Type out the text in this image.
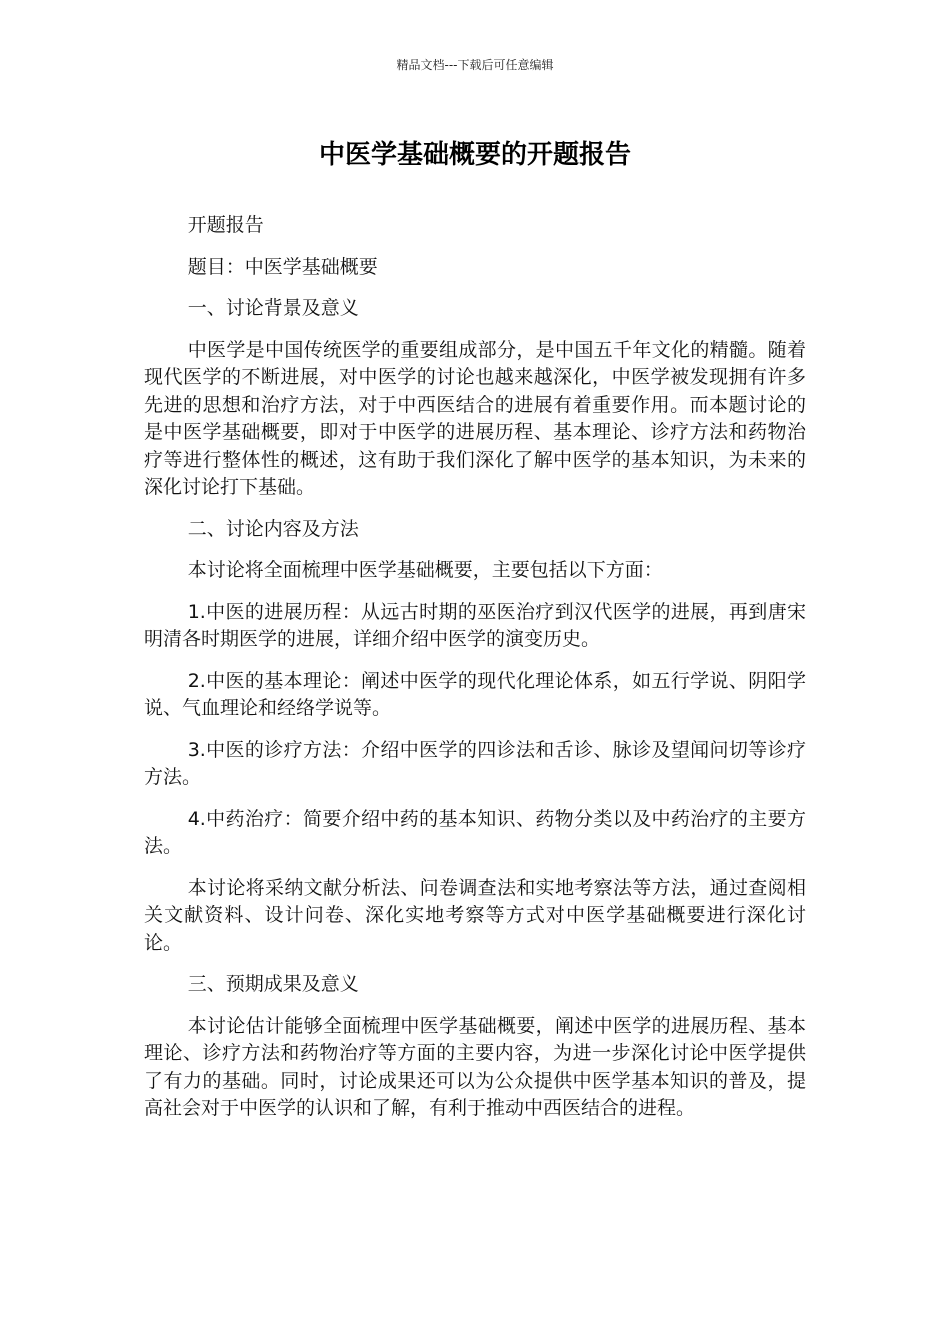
精品文档---下载后可任意编辑
中医学基础概要的开题报告

开题报告

题目：中医学基础概要

一、讨论背景及意义

中医学是中国传统医学的重要组成部分，是中国五千年文化的精髓。随着现代医学的不断进展，对中医学的讨论也越来越深化，中医学被发现拥有许多先进的思想和治疗方法，对于中西医结合的进展有着重要作用。而本题讨论的是中医学基础概要，即对于中医学的进展历程、基本理论、诊疗方法和药物治疗等进行整体性的概述，这有助于我们深化了解中医学的基本知识，为未来的深化讨论打下基础。

二、讨论内容及方法

本讨论将全面梳理中医学基础概要，主要包括以下方面：

1.中医的进展历程：从远古时期的巫医治疗到汉代医学的进展，再到唐宋明清各时期医学的进展，详细介绍中医学的演变历史。

2.中医的基本理论：阐述中医学的现代化理论体系，如五行学说、阴阳学说、气血理论和经络学说等。

3.中医的诊疗方法：介绍中医学的四诊法和舌诊、脉诊及望闻问切等诊疗方法。

4.中药治疗：简要介绍中药的基本知识、药物分类以及中药治疗的主要方法。

本讨论将采纳文献分析法、问卷调查法和实地考察法等方法，通过查阅相关文献资料、设计问卷、深化实地考察等方式对中医学基础概要进行深化讨论。

三、预期成果及意义

本讨论估计能够全面梳理中医学基础概要，阐述中医学的进展历程、基本理论、诊疗方法和药物治疗等方面的主要内容，为进一步深化讨论中医学提供了有力的基础。同时，讨论成果还可以为公众提供中医学基本知识的普及，提高社会对于中医学的认识和了解，有利于推动中西医结合的进程。
